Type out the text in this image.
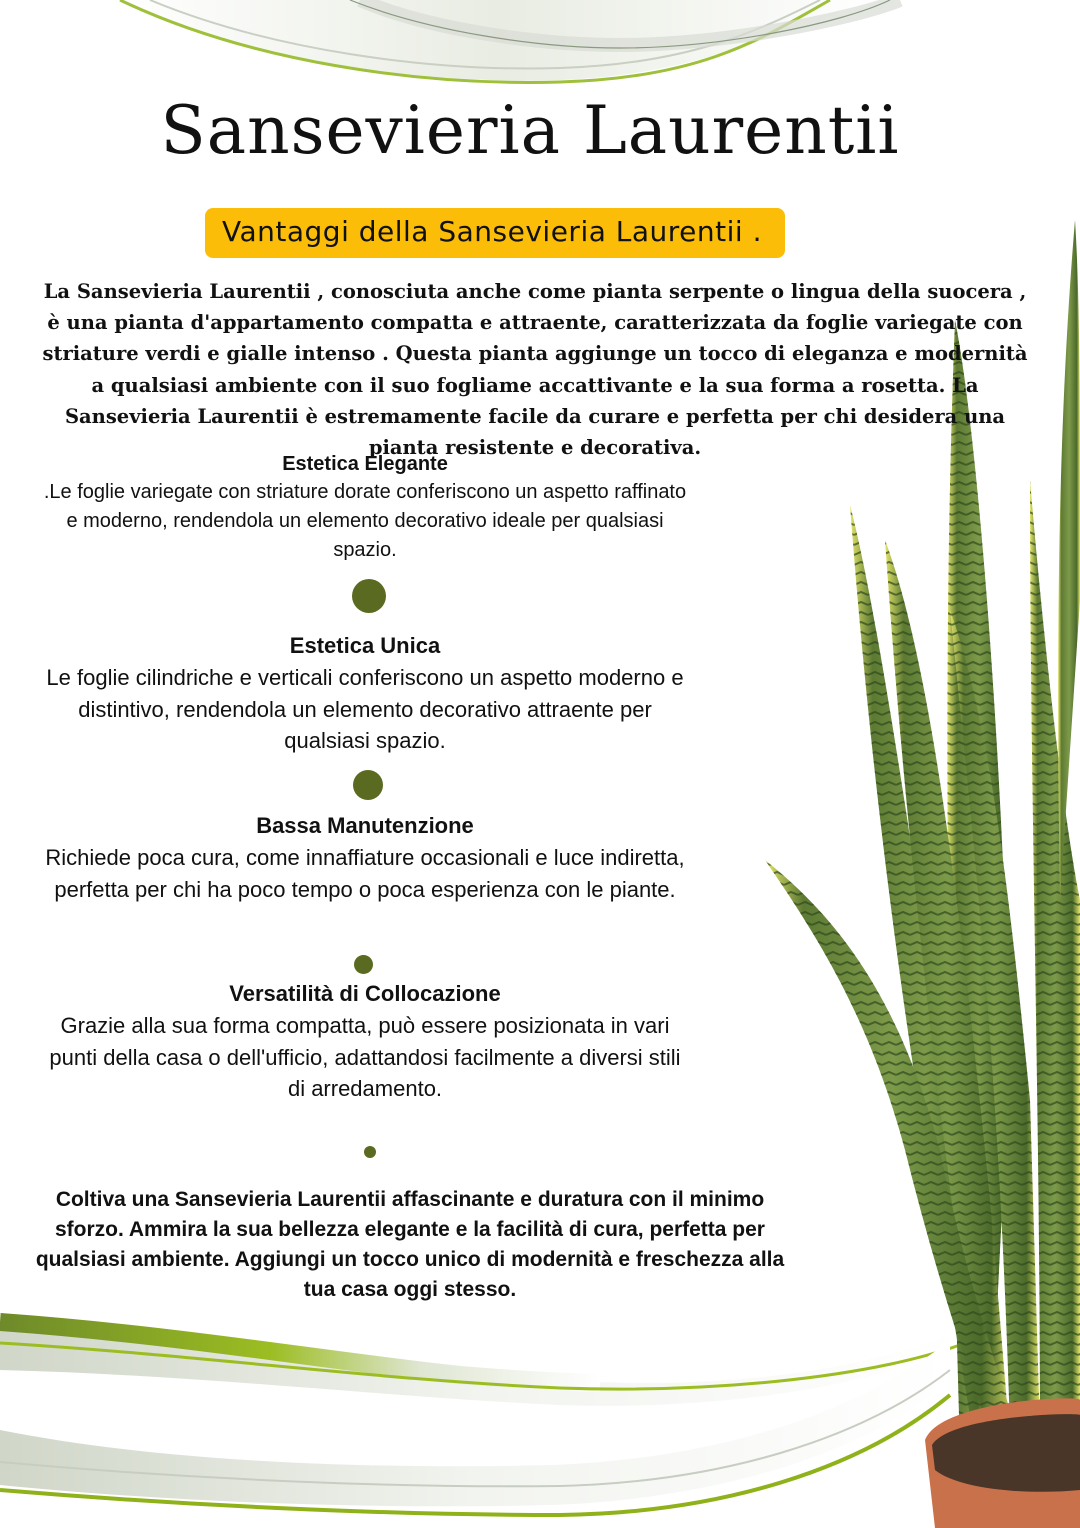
Sansevieria Laurentii
Vantaggi della Sansevieria Laurentii .

La Sansevieria Laurentii , conosciuta anche come pianta serpente o lingua della suocera , è una pianta d'appartamento compatta e attraente, caratterizzata da foglie variegate con striature verdi e gialle intenso . Questa pianta aggiunge un tocco di eleganza e modernità a qualsiasi ambiente con il suo fogliame accattivante e la sua forma a rosetta. La Sansevieria Laurentii è estremamente facile da curare e perfetta per chi desidera una pianta resistente e decorativa.

Estetica Elegante

.Le foglie variegate con striature dorate conferiscono un aspetto raffinato e moderno, rendendola un elemento decorativo ideale per qualsiasi spazio.

Estetica Unica

Le foglie cilindriche e verticali conferiscono un aspetto moderno e distintivo, rendendola un elemento decorativo attraente per qualsiasi spazio.

Bassa Manutenzione

Richiede poca cura, come innaffiature occasionali e luce indiretta, perfetta per chi ha poco tempo o poca esperienza con le piante.

Versatilità di Collocazione

Grazie alla sua forma compatta, può essere posizionata in vari punti della casa o dell'ufficio, adattandosi facilmente a diversi stili di arredamento.

Coltiva una Sansevieria Laurentii affascinante e duratura con il minimo sforzo. Ammira la sua bellezza elegante e la facilità di cura, perfetta per qualsiasi ambiente. Aggiungi un tocco unico di modernità e freschezza alla tua casa oggi stesso.
